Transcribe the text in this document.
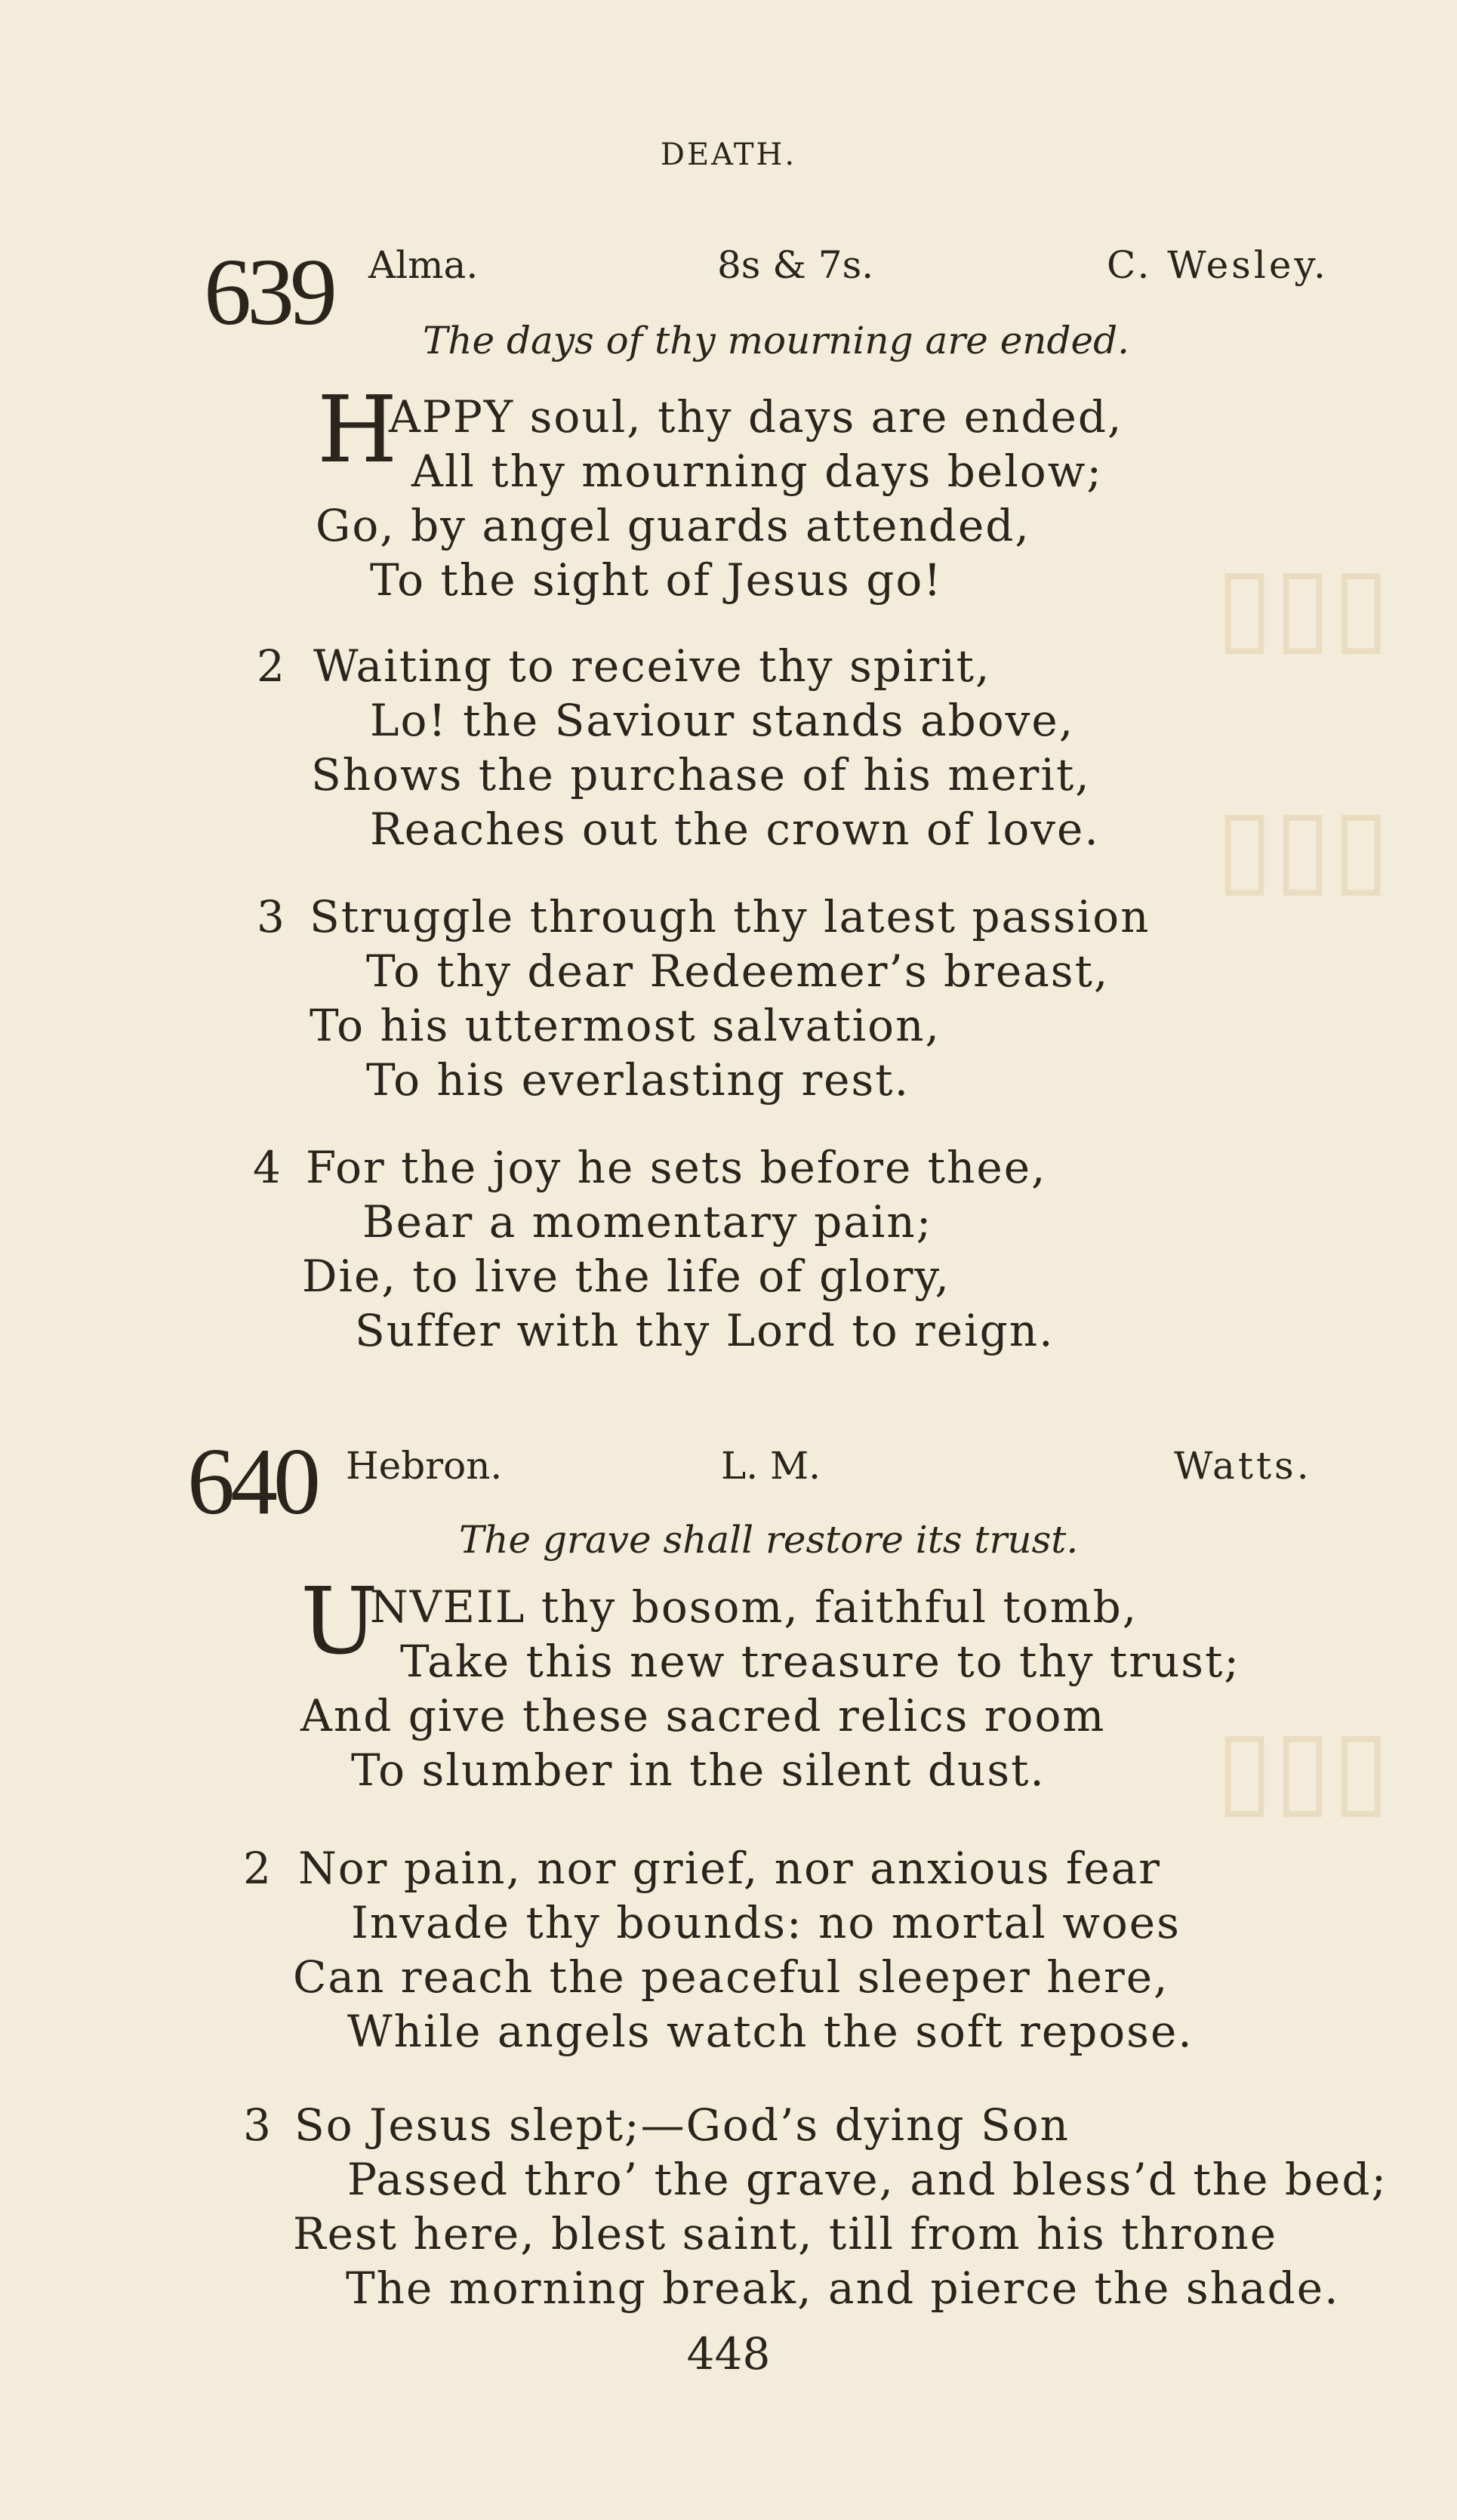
▯▯▯
▯▯▯
▯▯▯
DEATH.
639 Alma.	8s & 7s.	C. Wesley.
The days of thy mourning are ended.
H
APPY soul, thy days are ended,
All thy mourning days below;
Go, by angel guards attended,
To the sight of Jesus go!
2 Waiting to receive thy spirit,
Lo! the Saviour stands above,
Shows the purchase of his merit,
Reaches out the crown of love.
3 Struggle through thy latest passion
To thy dear Redeemer’s breast,
To his uttermost salvation,
To his everlasting rest.
4 For the joy he sets before thee,
Bear a momentary pain;
Die, to live the life of glory,
Suffer with thy Lord to reign.
640 Hebron.	L. M.	Watts.
The grave shall restore its trust.
U
NVEIL thy bosom, faithful tomb,
Take this new treasure to thy trust;
And give these sacred relics room
To slumber in the silent dust.
2 Nor pain, nor grief, nor anxious fear
Invade thy bounds: no mortal woes
Can reach the peaceful sleeper here,
While angels watch the soft repose.
3 So Jesus slept;—God’s dying Son
Passed thro’ the grave, and bless’d the bed;
Rest here, blest saint, till from his throne
The morning break, and pierce the shade.
448
